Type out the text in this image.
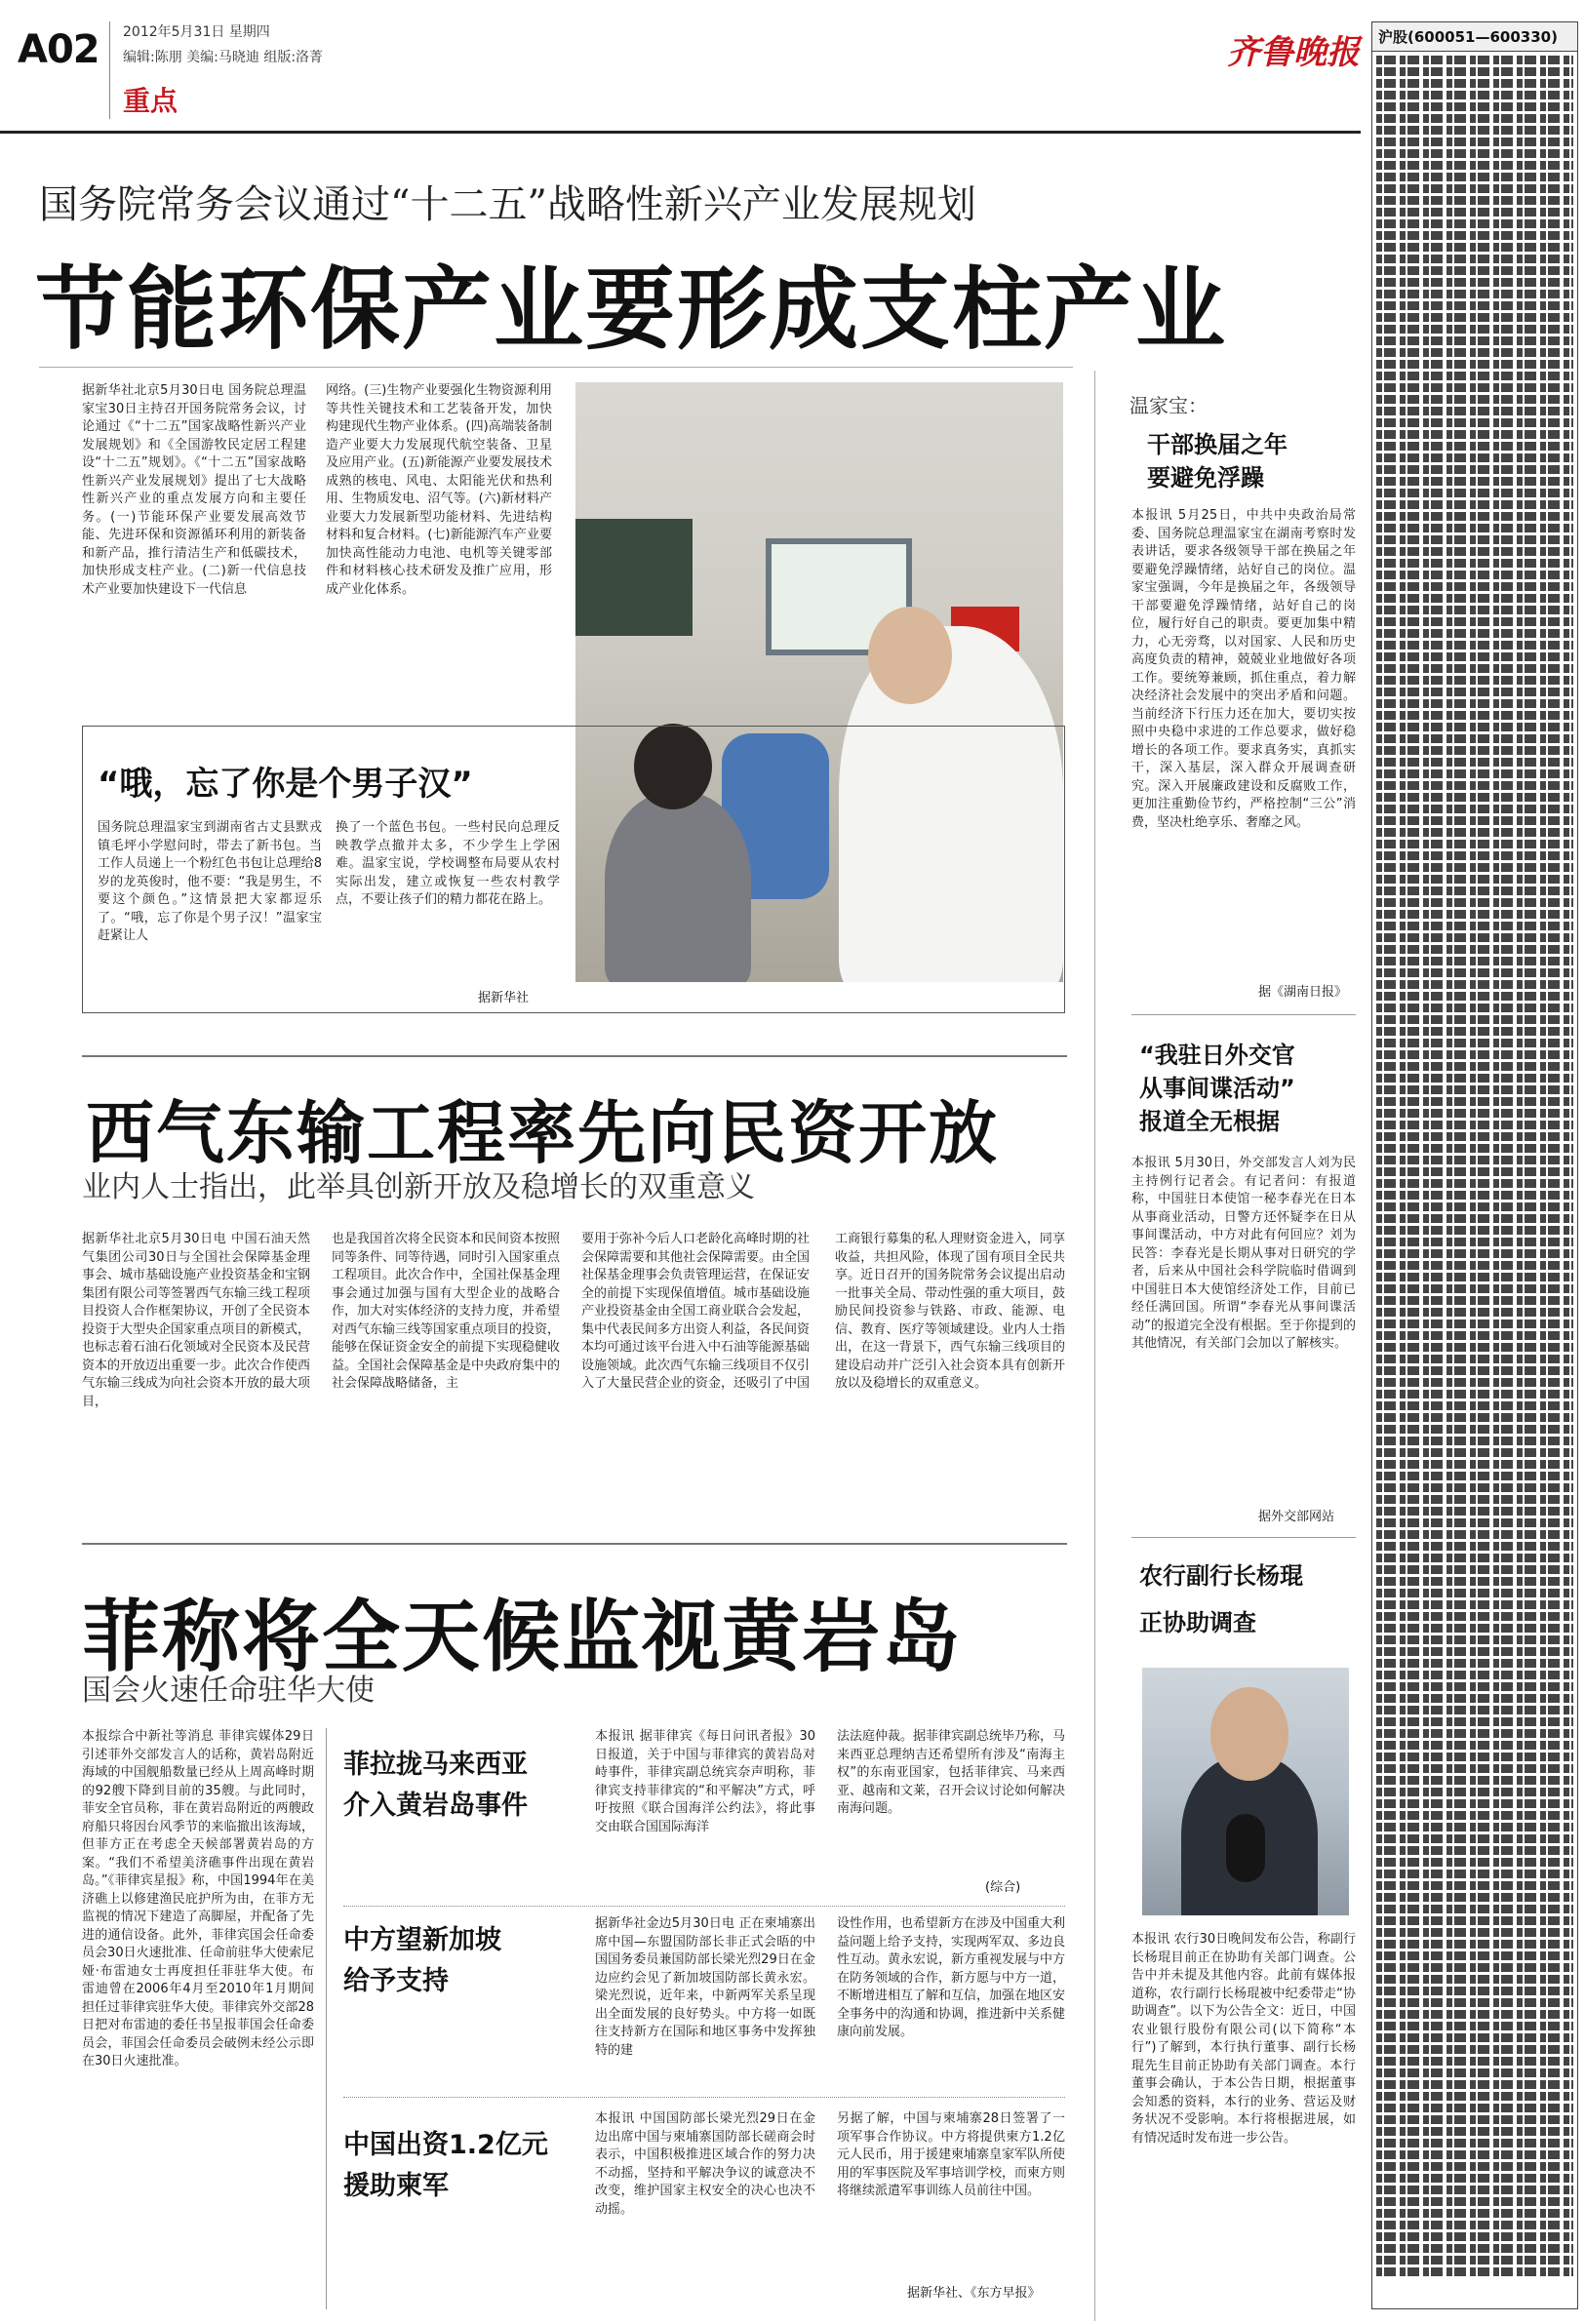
A02 2012年5月31日 星期四
编辑:陈朋 美编:马晓迪 组版:洛菁
重点
齐鲁晚报	沪股(600051—600330)
国务院常务会议通过“十二五”战略性新兴产业发展规划
节能环保产业要形成支柱产业
据新华社北京5月30日电 国务院总理温家宝30日主持召开国务院常务会议，讨论通过《“十二五”国家战略性新兴产业发展规划》和《全国游牧民定居工程建设“十二五”规划》。《“十二五”国家战略性新兴产业发展规划》提出了七大战略性新兴产业的重点发展方向和主要任务。(一)节能环保产业要发展高效节能、先进环保和资源循环利用的新装备和新产品，推行清洁生产和低碳技术，加快形成支柱产业。(二)新一代信息技术产业要加快建设下一代信息
网络。(三)生物产业要强化生物资源利用等共性关键技术和工艺装备开发，加快构建现代生物产业体系。(四)高端装备制造产业要大力发展现代航空装备、卫星及应用产业。(五)新能源产业要发展技术成熟的核电、风电、太阳能光伏和热利用、生物质发电、沼气等。(六)新材料产业要大力发展新型功能材料、先进结构材料和复合材料。(七)新能源汽车产业要加快高性能动力电池、电机等关键零部件和材料核心技术研发及推广应用，形成产业化体系。
“哦，忘了你是个男子汉”
国务院总理温家宝到湖南省古丈县默戎镇毛坪小学慰问时，带去了新书包。当工作人员递上一个粉红色书包让总理给8岁的龙英俊时，他不要：“我是男生，不要这个颜色。”这情景把大家都逗乐了。“哦，忘了你是个男子汉！”温家宝赶紧让人
换了一个蓝色书包。一些村民向总理反映教学点撤并太多，不少学生上学困难。温家宝说，学校调整布局要从农村实际出发，建立或恢复一些农村教学点，不要让孩子们的精力都花在路上。
据新华社
温家宝：
干部换届之年
要避免浮躁
本报讯 5月25日，中共中央政治局常委、国务院总理温家宝在湖南考察时发表讲话，要求各级领导干部在换届之年要避免浮躁情绪，站好自己的岗位。温家宝强调，今年是换届之年，各级领导干部要避免浮躁情绪，站好自己的岗位，履行好自己的职责。要更加集中精力，心无旁骛，以对国家、人民和历史高度负责的精神，兢兢业业地做好各项工作。要统筹兼顾，抓住重点，着力解决经济社会发展中的突出矛盾和问题。当前经济下行压力还在加大，要切实按照中央稳中求进的工作总要求，做好稳增长的各项工作。要求真务实，真抓实干，深入基层，深入群众开展调查研究。深入开展廉政建设和反腐败工作，更加注重勤俭节约，严格控制“三公”消费，坚决杜绝享乐、奢靡之风。
据《湖南日报》
“我驻日外交官
从事间谍活动”
报道全无根据
本报讯 5月30日，外交部发言人刘为民主持例行记者会。有记者问：有报道称，中国驻日本使馆一秘李春光在日本从事商业活动，日警方还怀疑李在日从事间谍活动，中方对此有何回应？刘为民答：李春光是长期从事对日研究的学者，后来从中国社会科学院临时借调到中国驻日本大使馆经济处工作，目前已经任满回国。所谓“李春光从事间谍活动”的报道完全没有根据。至于你提到的其他情况，有关部门会加以了解核实。
据外交部网站
农行副行长杨琨
正协助调查
本报讯 农行30日晚间发布公告，称副行长杨琨目前正在协助有关部门调查。公告中并未提及其他内容。此前有媒体报道称，农行副行长杨琨被中纪委带走“协助调查”。以下为公告全文：近日，中国农业银行股份有限公司(以下简称“本行”)了解到，本行执行董事、副行长杨琨先生目前正协助有关部门调查。本行董事会确认，于本公告日期，根据董事会知悉的资料，本行的业务、营运及财务状况不受影响。本行将根据进展，如有情况适时发布进一步公告。
西气东输工程率先向民资开放
业内人士指出，此举具创新开放及稳增长的双重意义
据新华社北京5月30日电 中国石油天然气集团公司30日与全国社会保障基金理事会、城市基础设施产业投资基金和宝钢集团有限公司等签署西气东输三线工程项目投资人合作框架协议，开创了全民资本投资于大型央企国家重点项目的新模式，也标志着石油石化领域对全民资本及民营资本的开放迈出重要一步。此次合作使西气东输三线成为向社会资本开放的最大项目，
也是我国首次将全民资本和民间资本按照同等条件、同等待遇，同时引入国家重点工程项目。此次合作中，全国社保基金理事会通过加强与国有大型企业的战略合作，加大对实体经济的支持力度，并希望对西气东输三线等国家重点项目的投资，能够在保证资金安全的前提下实现稳健收益。全国社会保障基金是中央政府集中的社会保障战略储备，主
要用于弥补今后人口老龄化高峰时期的社会保障需要和其他社会保障需要。由全国社保基金理事会负责管理运营，在保证安全的前提下实现保值增值。城市基础设施产业投资基金由全国工商业联合会发起，集中代表民间多方出资人利益，各民间资本均可通过该平台进入中石油等能源基础设施领域。此次西气东输三线项目不仅引入了大量民营企业的资金，还吸引了中国
工商银行募集的私人理财资金进入，同享收益，共担风险，体现了国有项目全民共享。近日召开的国务院常务会议提出启动一批事关全局、带动性强的重大项目，鼓励民间投资参与铁路、市政、能源、电信、教育、医疗等领域建设。业内人士指出，在这一背景下，西气东输三线项目的建设启动并广泛引入社会资本具有创新开放以及稳增长的双重意义。
菲称将全天候监视黄岩岛
国会火速任命驻华大使
本报综合中新社等消息 菲律宾媒体29日引述菲外交部发言人的话称，黄岩岛附近海域的中国舰船数量已经从上周高峰时期的92艘下降到目前的35艘。与此同时，菲安全官员称，菲在黄岩岛附近的两艘政府船只将因台风季节的来临撤出该海域，但菲方正在考虑全天候部署黄岩岛的方案。“我们不希望美济礁事件出现在黄岩岛。”《菲律宾星报》称，中国1994年在美济礁上以修建渔民庇护所为由，在菲方无监视的情况下建造了高脚屋，并配备了先进的通信设备。此外，菲律宾国会任命委员会30日火速批准、任命前驻华大使索尼娅·布雷迪女士再度担任菲驻华大使。布雷迪曾在2006年4月至2010年1月期间担任过菲律宾驻华大使。菲律宾外交部28日把对布雷迪的委任书呈报菲国会任命委员会，菲国会任命委员会破例未经公示即在30日火速批准。
菲拉拢马来西亚
介入黄岩岛事件
本报讯 据菲律宾《每日问讯者报》30日报道，关于中国与菲律宾的黄岩岛对峙事件，菲律宾副总统宾奈声明称，菲律宾支持菲律宾的“和平解决”方式，呼吁按照《联合国海洋公约法》，将此事交由联合国国际海洋
法法庭仲裁。据菲律宾副总统毕乃称，马来西亚总理纳吉还希望所有涉及“南海主权”的东南亚国家，包括菲律宾、马来西亚、越南和文莱，召开会议讨论如何解决南海问题。
(综合)
中方望新加坡
给予支持
据新华社金边5月30日电 正在柬埔寨出席中国—东盟国防部长非正式会晤的中国国务委员兼国防部长梁光烈29日在金边应约会见了新加坡国防部长黄永宏。梁光烈说，近年来，中新两军关系呈现出全面发展的良好势头。中方将一如既往支持新方在国际和地区事务中发挥独特的建
设性作用，也希望新方在涉及中国重大利益问题上给予支持，实现两军双、多边良性互动。黄永宏说，新方重视发展与中方在防务领域的合作，新方愿与中方一道，不断增进相互了解和互信，加强在地区安全事务中的沟通和协调，推进新中关系健康向前发展。
中国出资1.2亿元
援助柬军
本报讯 中国国防部长梁光烈29日在金边出席中国与柬埔寨国防部长磋商会时表示，中国积极推进区域合作的努力决不动摇，坚持和平解决争议的诚意决不改变，维护国家主权安全的决心也决不动摇。
另据了解，中国与柬埔寨28日签署了一项军事合作协议。中方将提供柬方1.2亿元人民币，用于援建柬埔寨皇家军队所使用的军事医院及军事培训学校，而柬方则将继续派遣军事训练人员前往中国。
据新华社、《东方早报》
